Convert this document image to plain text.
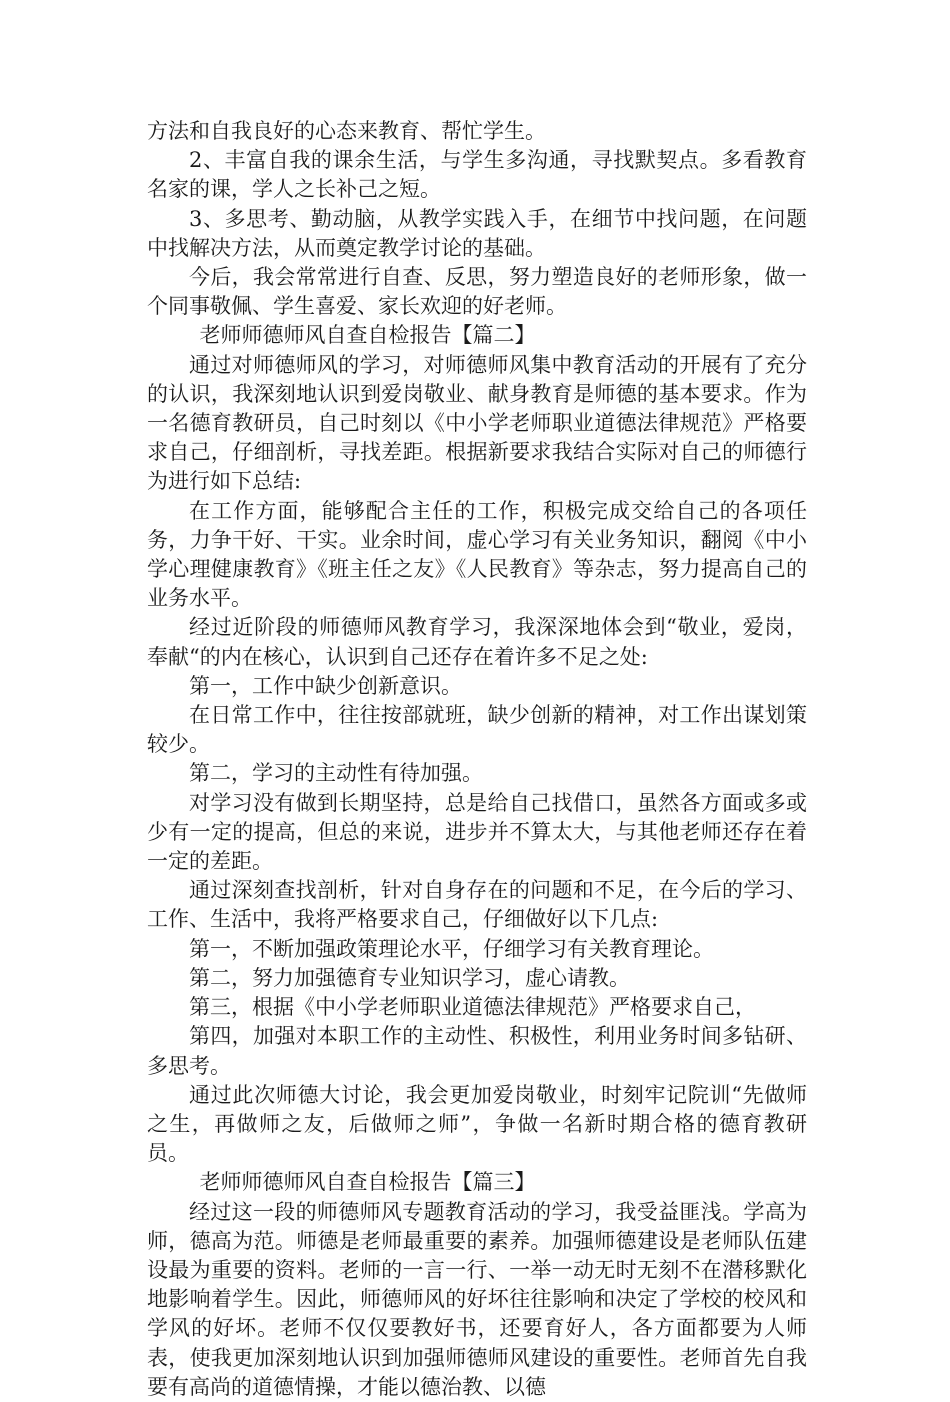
方法和自我良好的心态来教育、帮忙学生。

2、丰富自我的课余生活，与学生多沟通，寻找默契点。多看教育名家的课，学人之长补己之短。

3、多思考、勤动脑，从教学实践入手，在细节中找问题，在问题中找解决方法，从而奠定教学讨论的基础。

今后，我会常常进行自查、反思，努力塑造良好的老师形象，做一个同事敬佩、学生喜爱、家长欢迎的好老师。

老师师德师风自查自检报告【篇二】

通过对师德师风的学习，对师德师风集中教育活动的开展有了充分的认识，我深刻地认识到爱岗敬业、献身教育是师德的基本要求。作为一名德育教研员，自己时刻以《中小学老师职业道德法律规范》严格要求自己，仔细剖析，寻找差距。根据新要求我结合实际对自己的师德行为进行如下总结:

在工作方面，能够配合主任的工作，积极完成交给自己的各项任务，力争干好、干实。业余时间，虚心学习有关业务知识，翻阅《中小学心理健康教育》《班主任之友》《人民教育》等杂志，努力提高自己的业务水平。

经过近阶段的师德师风教育学习，我深深地体会到“敬业，爱岗，奉献“的内在核心，认识到自己还存在着许多不足之处:

第一，工作中缺少创新意识。

在日常工作中，往往按部就班，缺少创新的精神，对工作出谋划策较少。

第二，学习的主动性有待加强。

对学习没有做到长期坚持，总是给自己找借口，虽然各方面或多或少有一定的提高，但总的来说，进步并不算太大，与其他老师还存在着一定的差距。

通过深刻查找剖析，针对自身存在的问题和不足，在今后的学习、工作、生活中，我将严格要求自己，仔细做好以下几点:

第一，不断加强政策理论水平，仔细学习有关教育理论。

第二，努力加强德育专业知识学习，虚心请教。

第三，根据《中小学老师职业道德法律规范》严格要求自己，

第四，加强对本职工作的主动性、积极性，利用业务时间多钻研、多思考。

通过此次师德大讨论，我会更加爱岗敬业，时刻牢记院训“先做师之生，再做师之友，后做师之师”，争做一名新时期合格的德育教研员。

老师师德师风自查自检报告【篇三】

经过这一段的师德师风专题教育活动的学习，我受益匪浅。学高为师，德高为范。师德是老师最重要的素养。加强师德建设是老师队伍建设最为重要的资料。老师的一言一行、一举一动无时无刻不在潜移默化地影响着学生。因此，师德师风的好坏往往影响和决定了学校的校风和学风的好坏。老师不仅仅要教好书，还要育好人，各方面都要为人师表，使我更加深刻地认识到加强师德师风建设的重要性。老师首先自我要有高尚的道德情操，才能以德治教、以德
